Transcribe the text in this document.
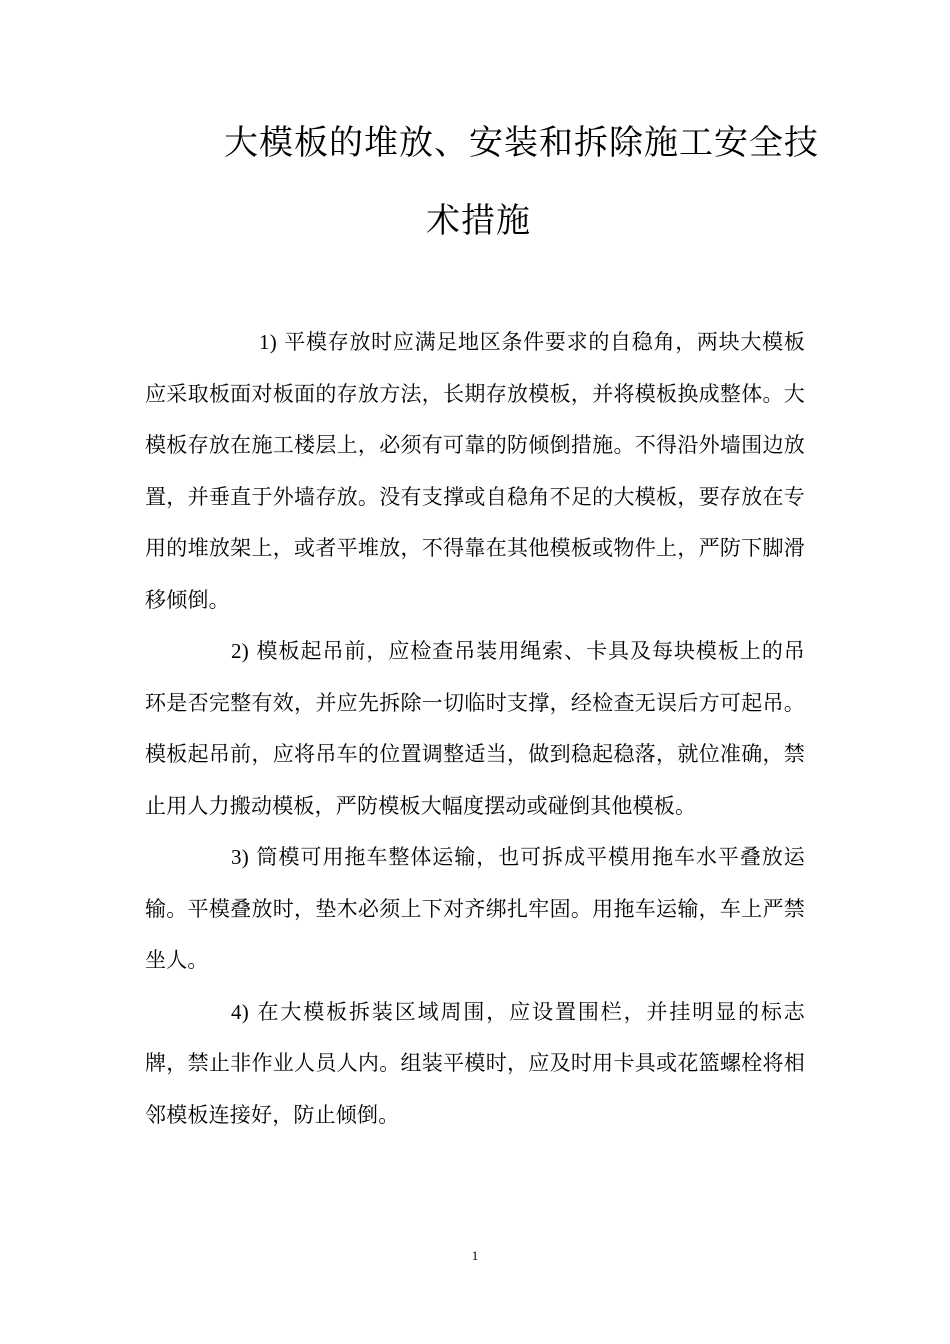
大模板的堆放、安装和拆除施工安全技
术措施

1) 平模存放时应满足地区条件要求的自稳角，两块大模板应采取板面对板面的存放方法，长期存放模板，并将模板换成整体。大模板存放在施工楼层上，必须有可靠的防倾倒措施。不得沿外墙围边放置，并垂直于外墙存放。没有支撑或自稳角不足的大模板，要存放在专用的堆放架上，或者平堆放，不得靠在其他模板或物件上，严防下脚滑移倾倒。

2) 模板起吊前，应检查吊装用绳索、卡具及每块模板上的吊环是否完整有效，并应先拆除一切临时支撑，经检查无误后方可起吊。模板起吊前，应将吊车的位置调整适当，做到稳起稳落，就位准确，禁止用人力搬动模板，严防模板大幅度摆动或碰倒其他模板。

3) 筒模可用拖车整体运输，也可拆成平模用拖车水平叠放运输。平模叠放时，垫木必须上下对齐绑扎牢固。用拖车运输，车上严禁坐人。

4) 在大模板拆装区域周围，应设置围栏，并挂明显的标志牌，禁止非作业人员人内。组装平模时，应及时用卡具或花篮螺栓将相邻模板连接好，防止倾倒。

1
